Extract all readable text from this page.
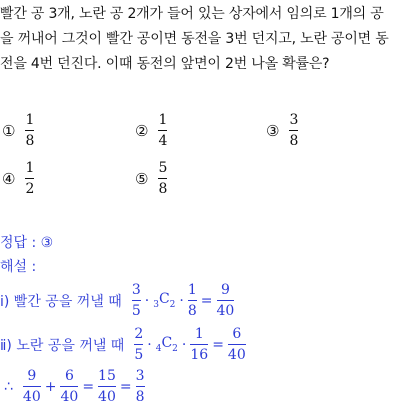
빨간 공 3개, 노란 공 2개가 들어 있는 상자에서 임의로 1개의 공
을 꺼내어 그것이 빨간 공이면 동전을 3번 던지고, 노란 공이면 동
전을 4번 던진다. 이때 동전의 앞면이 2번 나올 확률은?
① $\frac{1}{8}$	② $\frac{1}{4}$	③ $\frac{3}{8}$
④ $\frac{1}{2}$	⑤ $\frac{5}{8}$
정답 : ③
해설 :
ⅰ) 빨간 공을 꺼낼 때 $\frac{3}{5} \cdot _3C_2 \cdot \frac{1}{8} = \frac{9}{40}$
ⅱ) 노란 공을 꺼낼 때 $\frac{2}{5} \cdot _4C_2 \cdot \frac{1}{16} = \frac{6}{40}$
∴ $\frac{9}{40} + \frac{6}{40} = \frac{15}{40} = \frac{3}{8}$
